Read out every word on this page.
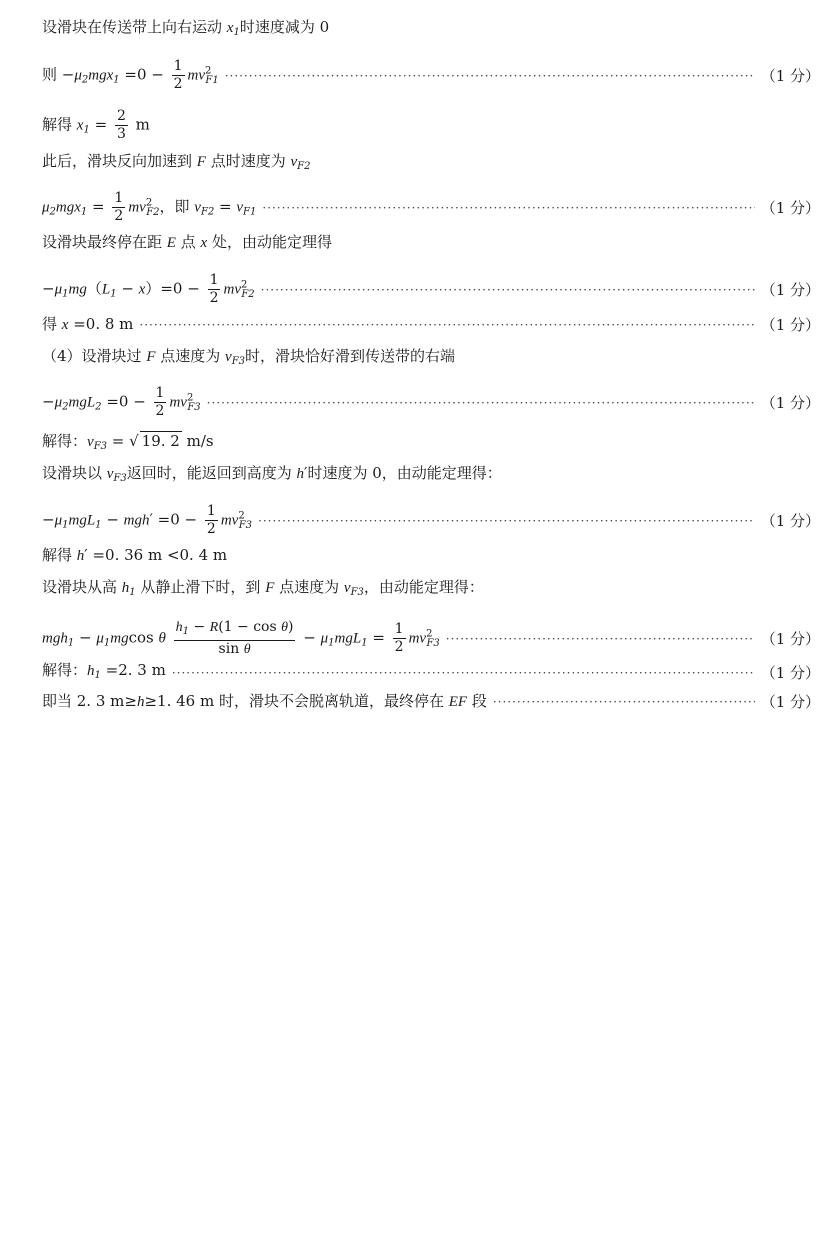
设滑块在传送带上向右运动 $x_1$时速度减为 0
则 $-\mu_2mgx_1 =0 - \frac{1}{2} mv^2_{F1}$ ·····	（1 分）
解得 $x_1 = \frac{2}{3}$ m
此后，滑块反向加速到 F 点时速度为 $v_{F2}$
$\mu_2mgx_1 = \frac{1}{2} mv^2_{F2}$，即 $v_{F2} = v_{F1}$ ·····	（1 分）
设滑块最终停在距 E 点 x 处，由动能定理得
$-\mu_1mg(L_1 - x)=0 - \frac{1}{2} mv^2_{F2}$ ·····	（1 分）
得 x =0. 8 m ·····	（1 分）
（4）设滑块过 F 点速度为 $v_{F3}$时，滑块恰好滑到传送带的右端
$-\mu_2mgL_2 =0 - \frac{1}{2} mv^2_{F3}$ ·····	（1 分）
解得：$v_{F3}$ = √ 19. 2 m/s
设滑块以 $v_{F3}$返回时，能返回到高度为 h′时速度为 0，由动能定理得：
$-\mu_1mgL_1 - mgh' =0 - \frac{1}{2} mv^2_{F3}$ ·····	（1 分）
解得 h′ =0. 36 m <0. 4 m
设滑块从高 $h_1$ 从静止滑下时，到 F 点速度为 $v_{F3}$，由动能定理得：
$mgh_1 - \mu_1mgcos$ θ $\frac{h_1 - R(1 - \cos \theta)}{\text{sin θ}} - \mu_1mgL_1 = \frac{1}{2} mv^2_{F3}$ ·····	（1 分）
解得：$h_1 =2$. 3 m ·····	（1 分）
即当 2. 3 m≥h≥1. 46 m 时，滑块不会脱离轨道，最终停在 EF 段 ·····	（1 分）
